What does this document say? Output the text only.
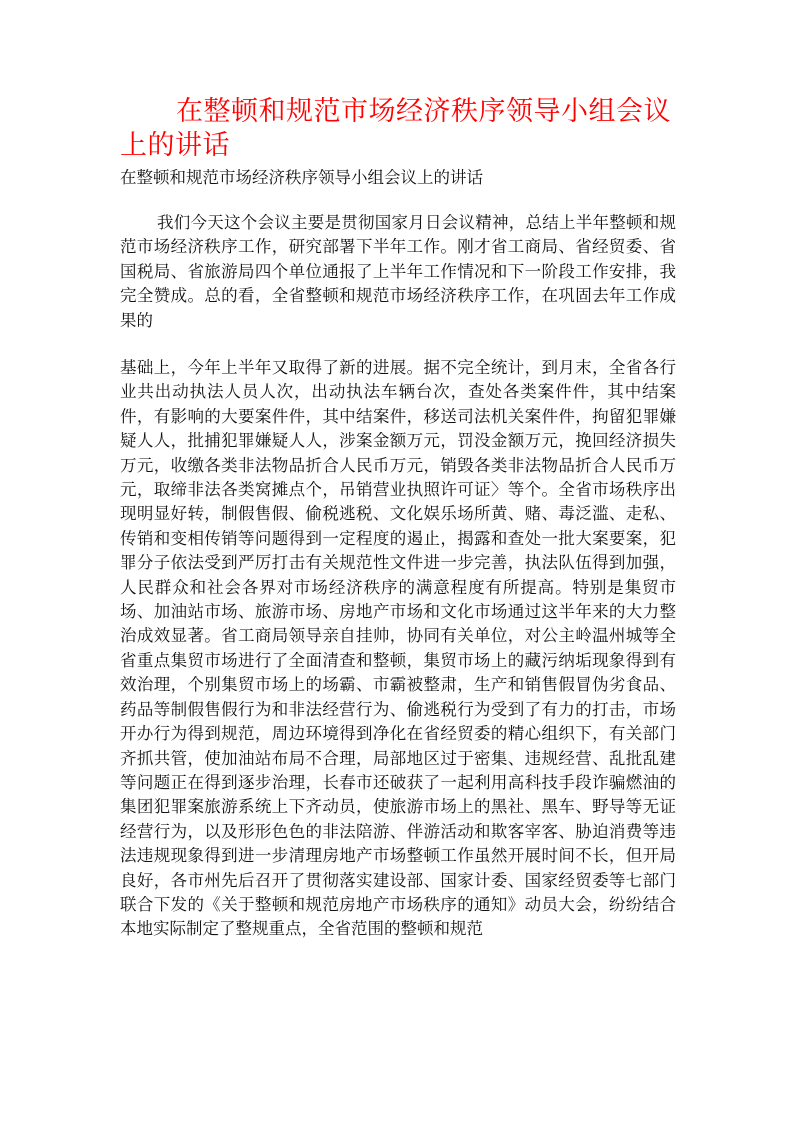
在整顿和规范市场经济秩序领导小组会议上的讲话

在整顿和规范市场经济秩序领导小组会议上的讲话

我们今天这个会议主要是贯彻国家月日会议精神，总结上半年整顿和规范市场经济秩序工作，研究部署下半年工作。刚才省工商局、省经贸委、省国税局、省旅游局四个单位通报了上半年工作情况和下一阶段工作安排，我完全赞成。总的看，全省整顿和规范市场经济秩序工作，在巩固去年工作成果的

基础上，今年上半年又取得了新的进展。据不完全统计，到月末，全省各行业共出动执法人员人次，出动执法车辆台次，查处各类案件件，其中结案件，有影响的大要案件件，其中结案件，移送司法机关案件件，拘留犯罪嫌疑人人，批捕犯罪嫌疑人人，涉案金额万元，罚没金额万元，挽回经济损失万元，收缴各类非法物品折合人民币万元，销毁各类非法物品折合人民币万元，取缔非法各类窝摊点个，吊销营业执照许可证〉等个。全省市场秩序出现明显好转，制假售假、偷税逃税、文化娱乐场所黄、赌、毒泛滥、走私、传销和变相传销等问题得到一定程度的遏止，揭露和查处一批大案要案，犯罪分子依法受到严厉打击有关规范性文件进一步完善，执法队伍得到加强，人民群众和社会各界对市场经济秩序的满意程度有所提高。特别是集贸市场、加油站市场、旅游市场、房地产市场和文化市场通过这半年来的大力整治成效显著。省工商局领导亲自挂帅，协同有关单位，对公主岭温州城等全省重点集贸市场进行了全面清查和整顿，集贸市场上的藏污纳垢现象得到有效治理，个别集贸市场上的场霸、市霸被整肃，生产和销售假冒伪劣食品、药品等制假售假行为和非法经营行为、偷逃税行为受到了有力的打击，市场开办行为得到规范，周边环境得到净化在省经贸委的精心组织下，有关部门齐抓共管，使加油站布局不合理，局部地区过于密集、违规经营、乱批乱建等问题正在得到逐步治理，长春市还破获了一起利用高科技手段诈骗燃油的集团犯罪案旅游系统上下齐动员，使旅游市场上的黑社、黑车、野导等无证经营行为，以及形形色色的非法陪游、伴游活动和欺客宰客、胁迫消费等违法违规现象得到进一步清理房地产市场整顿工作虽然开展时间不长，但开局良好，各市州先后召开了贯彻落实建设部、国家计委、国家经贸委等七部门联合下发的《关于整顿和规范房地产市场秩序的通知》动员大会，纷纷结合本地实际制定了整规重点，全省范围的整顿和规范
